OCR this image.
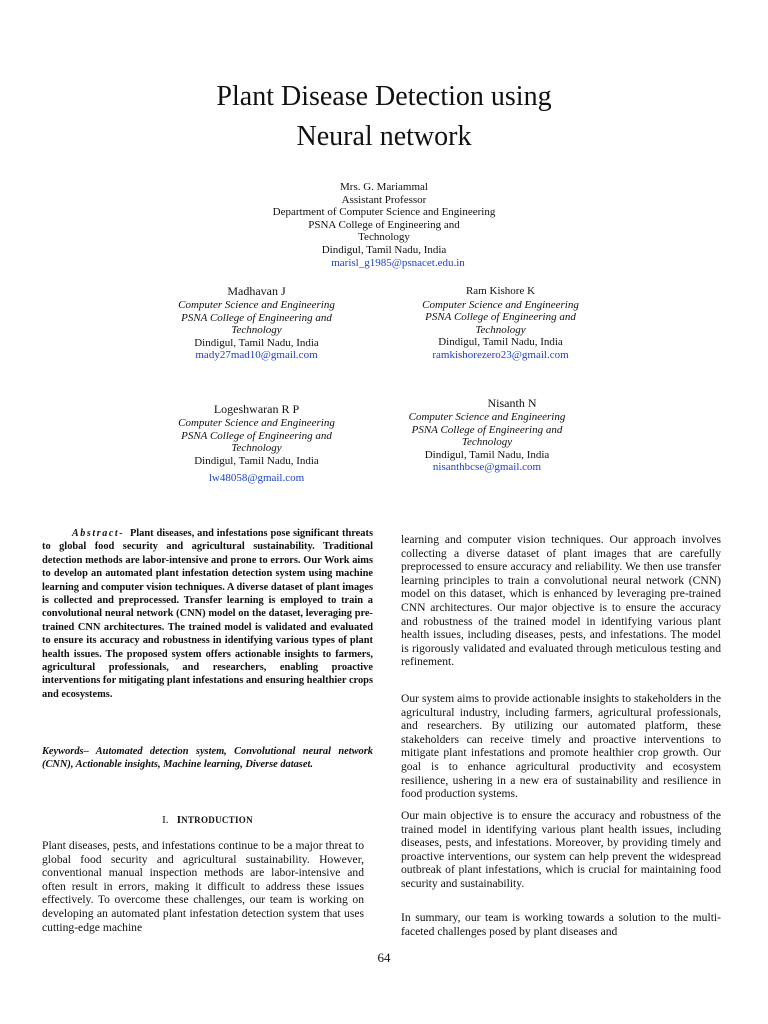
Plant Disease Detection using
Neural network
Mrs. G. Mariammal
Assistant Professor
Department of Computer Science and Engineering
PSNA College of Engineering and
Technology
Dindigul, Tamil Nadu, India
marisl_g1985@psnacet.edu.in
Madhavan J
Computer Science and Engineering
PSNA College of Engineering and
Technology
Dindigul, Tamil Nadu, India
mady27mad10@gmail.com
Ram Kishore K
Computer Science and Engineering
PSNA College of Engineering and
Technology
Dindigul, Tamil Nadu, India
ramkishorezero23@gmail.com
Logeshwaran R P
Computer Science and Engineering
PSNA College of Engineering and
Technology
Dindigul, Tamil Nadu, India
lw48058@gmail.com
Nisanth N
Computer Science and Engineering
PSNA College of Engineering and
Technology
Dindigul, Tamil Nadu, India
nisanthbcse@gmail.com
Abstract- Plant diseases, and infestations pose significant threats to global food security and agricultural sustainability. Traditional detection methods are labor-intensive and prone to errors. Our Work aims to develop an automated plant infestation detection system using machine learning and computer vision techniques. A diverse dataset of plant images is collected and preprocessed. Transfer learning is employed to train a convolutional neural network (CNN) model on the dataset, leveraging pre-trained CNN architectures. The trained model is validated and evaluated to ensure its accuracy and robustness in identifying various types of plant health issues. The proposed system offers actionable insights to farmers, agricultural professionals, and researchers, enabling proactive interventions for mitigating plant infestations and ensuring healthier crops and ecosystems.
Keywords– Automated detection system, Convolutional neural network (CNN), Actionable insights, Machine learning, Diverse dataset.
I. INTRODUCTION
Plant diseases, pests, and infestations continue to be a major threat to global food security and agricultural sustainability. However, conventional manual inspection methods are labor-intensive and often result in errors, making it difficult to address these issues effectively. To overcome these challenges, our team is working on developing an automated plant infestation detection system that uses cutting-edge machine
learning and computer vision techniques. Our approach involves collecting a diverse dataset of plant images that are carefully preprocessed to ensure accuracy and reliability. We then use transfer learning principles to train a convolutional neural network (CNN) model on this dataset, which is enhanced by leveraging pre-trained CNN architectures. Our major objective is to ensure the accuracy and robustness of the trained model in identifying various plant health issues, including diseases, pests, and infestations. The model is rigorously validated and evaluated through meticulous testing and refinement.
Our system aims to provide actionable insights to stakeholders in the agricultural industry, including farmers, agricultural professionals, and researchers. By utilizing our automated platform, these stakeholders can receive timely and proactive interventions to mitigate plant infestations and promote healthier crop growth. Our goal is to enhance agricultural productivity and ecosystem resilience, ushering in a new era of sustainability and resilience in food production systems.
Our main objective is to ensure the accuracy and robustness of the trained model in identifying various plant health issues, including diseases, pests, and infestations. Moreover, by providing timely and proactive interventions, our system can help prevent the widespread outbreak of plant infestations, which is crucial for maintaining food security and sustainability.
In summary, our team is working towards a solution to the multi-faceted challenges posed by plant diseases and
64
